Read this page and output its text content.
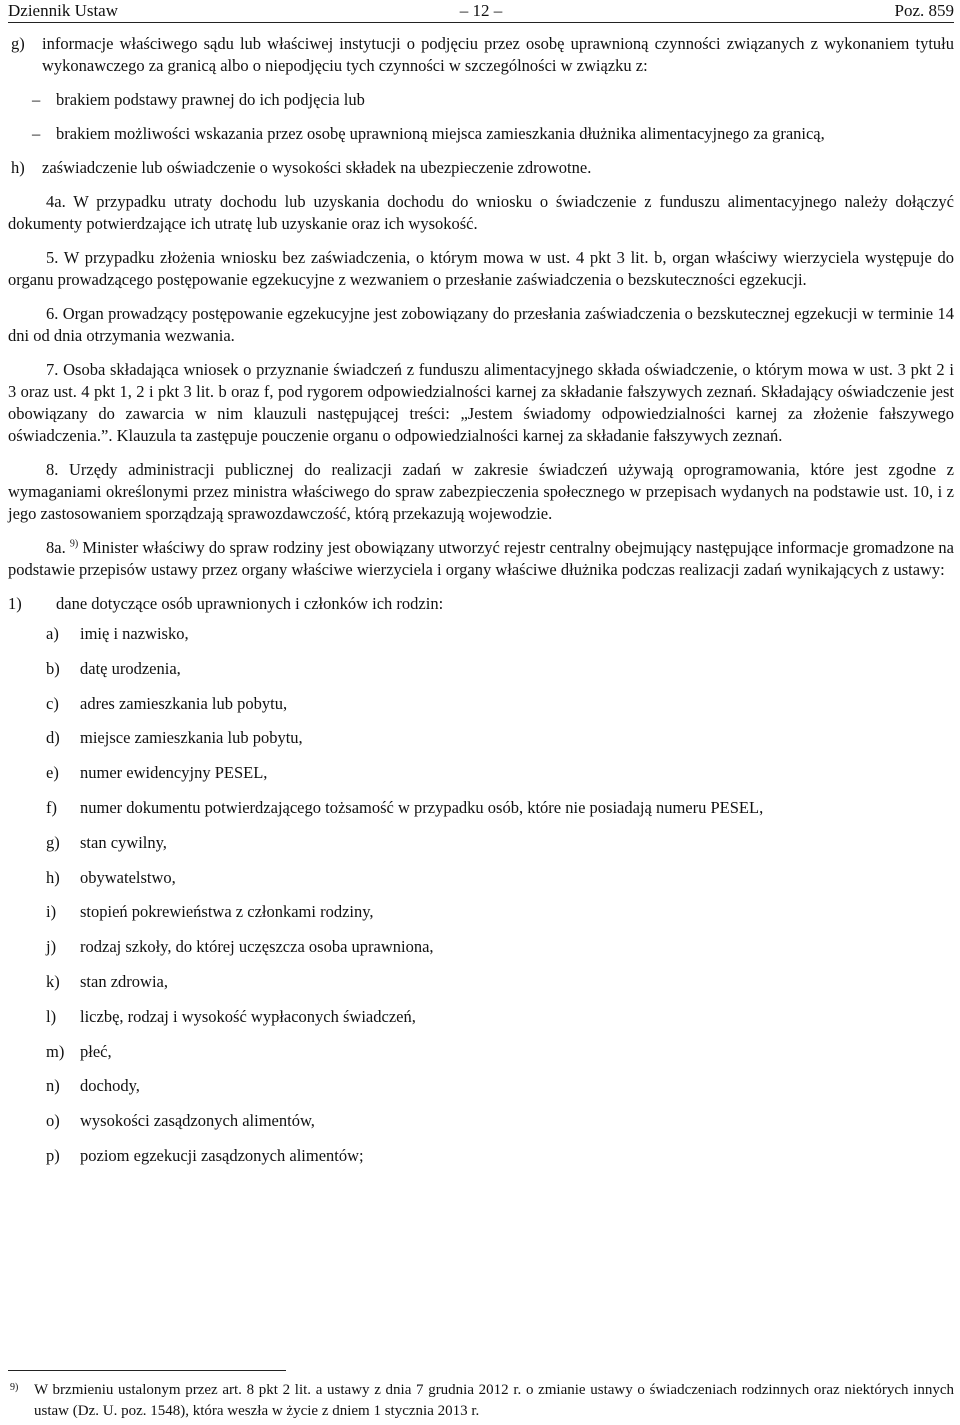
Dziennik Ustaw	– 12 –	Poz. 859
g) informacje właściwego sądu lub właściwej instytucji o podjęciu przez osobę uprawnioną czynności związanych z wykonaniem tytułu wykonawczego za granicą albo o niepodjęciu tych czynności w szczególności w związku z:
– brakiem podstawy prawnej do ich podjęcia lub
– brakiem możliwości wskazania przez osobę uprawnioną miejsca zamieszkania dłużnika alimentacyjnego za granicą,
h) zaświadczenie lub oświadczenie o wysokości składek na ubezpieczenie zdrowotne.
4a. W przypadku utraty dochodu lub uzyskania dochodu do wniosku o świadczenie z funduszu alimentacyjnego należy dołączyć dokumenty potwierdzające ich utratę lub uzyskanie oraz ich wysokość.
5. W przypadku złożenia wniosku bez zaświadczenia, o którym mowa w ust. 4 pkt 3 lit. b, organ właściwy wierzyciela występuje do organu prowadzącego postępowanie egzekucyjne z wezwaniem o przesłanie zaświadczenia o bezskuteczności egzekucji.
6. Organ prowadzący postępowanie egzekucyjne jest zobowiązany do przesłania zaświadczenia o bezskutecznej egzekucji w terminie 14 dni od dnia otrzymania wezwania.
7. Osoba składająca wniosek o przyznanie świadczeń z funduszu alimentacyjnego składa oświadczenie, o którym mowa w ust. 3 pkt 2 i 3 oraz ust. 4 pkt 1, 2 i pkt 3 lit. b oraz f, pod rygorem odpowiedzialności karnej za składanie fałszywych zeznań. Składający oświadczenie jest obowiązany do zawarcia w nim klauzuli następującej treści: „Jestem świadomy odpowiedzialności karnej za złożenie fałszywego oświadczenia.”. Klauzula ta zastępuje pouczenie organu o odpowiedzialności karnej za składanie fałszywych zeznań.
8. Urzędy administracji publicznej do realizacji zadań w zakresie świadczeń używają oprogramowania, które jest zgodne z wymaganiami określonymi przez ministra właściwego do spraw zabezpieczenia społecznego w przepisach wydanych na podstawie ust. 10, i z jego zastosowaniem sporządzają sprawozdawczość, którą przekazują wojewodzie.
8a. $^{9)}$ Minister właściwy do spraw rodziny jest obowiązany utworzyć rejestr centralny obejmujący następujące informacje gromadzone na podstawie przepisów ustawy przez organy właściwe wierzyciela i organy właściwe dłużnika podczas realizacji zadań wynikających z ustawy:
1) dane dotyczące osób uprawnionych i członków ich rodzin:
a) imię i nazwisko,
b) datę urodzenia,
c) adres zamieszkania lub pobytu,
d) miejsce zamieszkania lub pobytu,
e) numer ewidencyjny PESEL,
f) numer dokumentu potwierdzającego tożsamość w przypadku osób, które nie posiadają numeru PESEL,
g) stan cywilny,
h) obywatelstwo,
i) stopień pokrewieństwa z członkami rodziny,
j) rodzaj szkoły, do której uczęszcza osoba uprawniona,
k) stan zdrowia,
l) liczbę, rodzaj i wysokość wypłaconych świadczeń,
m) płeć,
n) dochody,
o) wysokości zasądzonych alimentów,
p) poziom egzekucji zasądzonych alimentów;
9)	W brzmieniu ustalonym przez art. 8 pkt 2 lit. a ustawy z dnia 7 grudnia 2012 r. o zmianie ustawy o świadczeniach rodzinnych oraz niektórych innych ustaw (Dz. U. poz. 1548), która weszła w życie z dniem 1 stycznia 2013 r.
